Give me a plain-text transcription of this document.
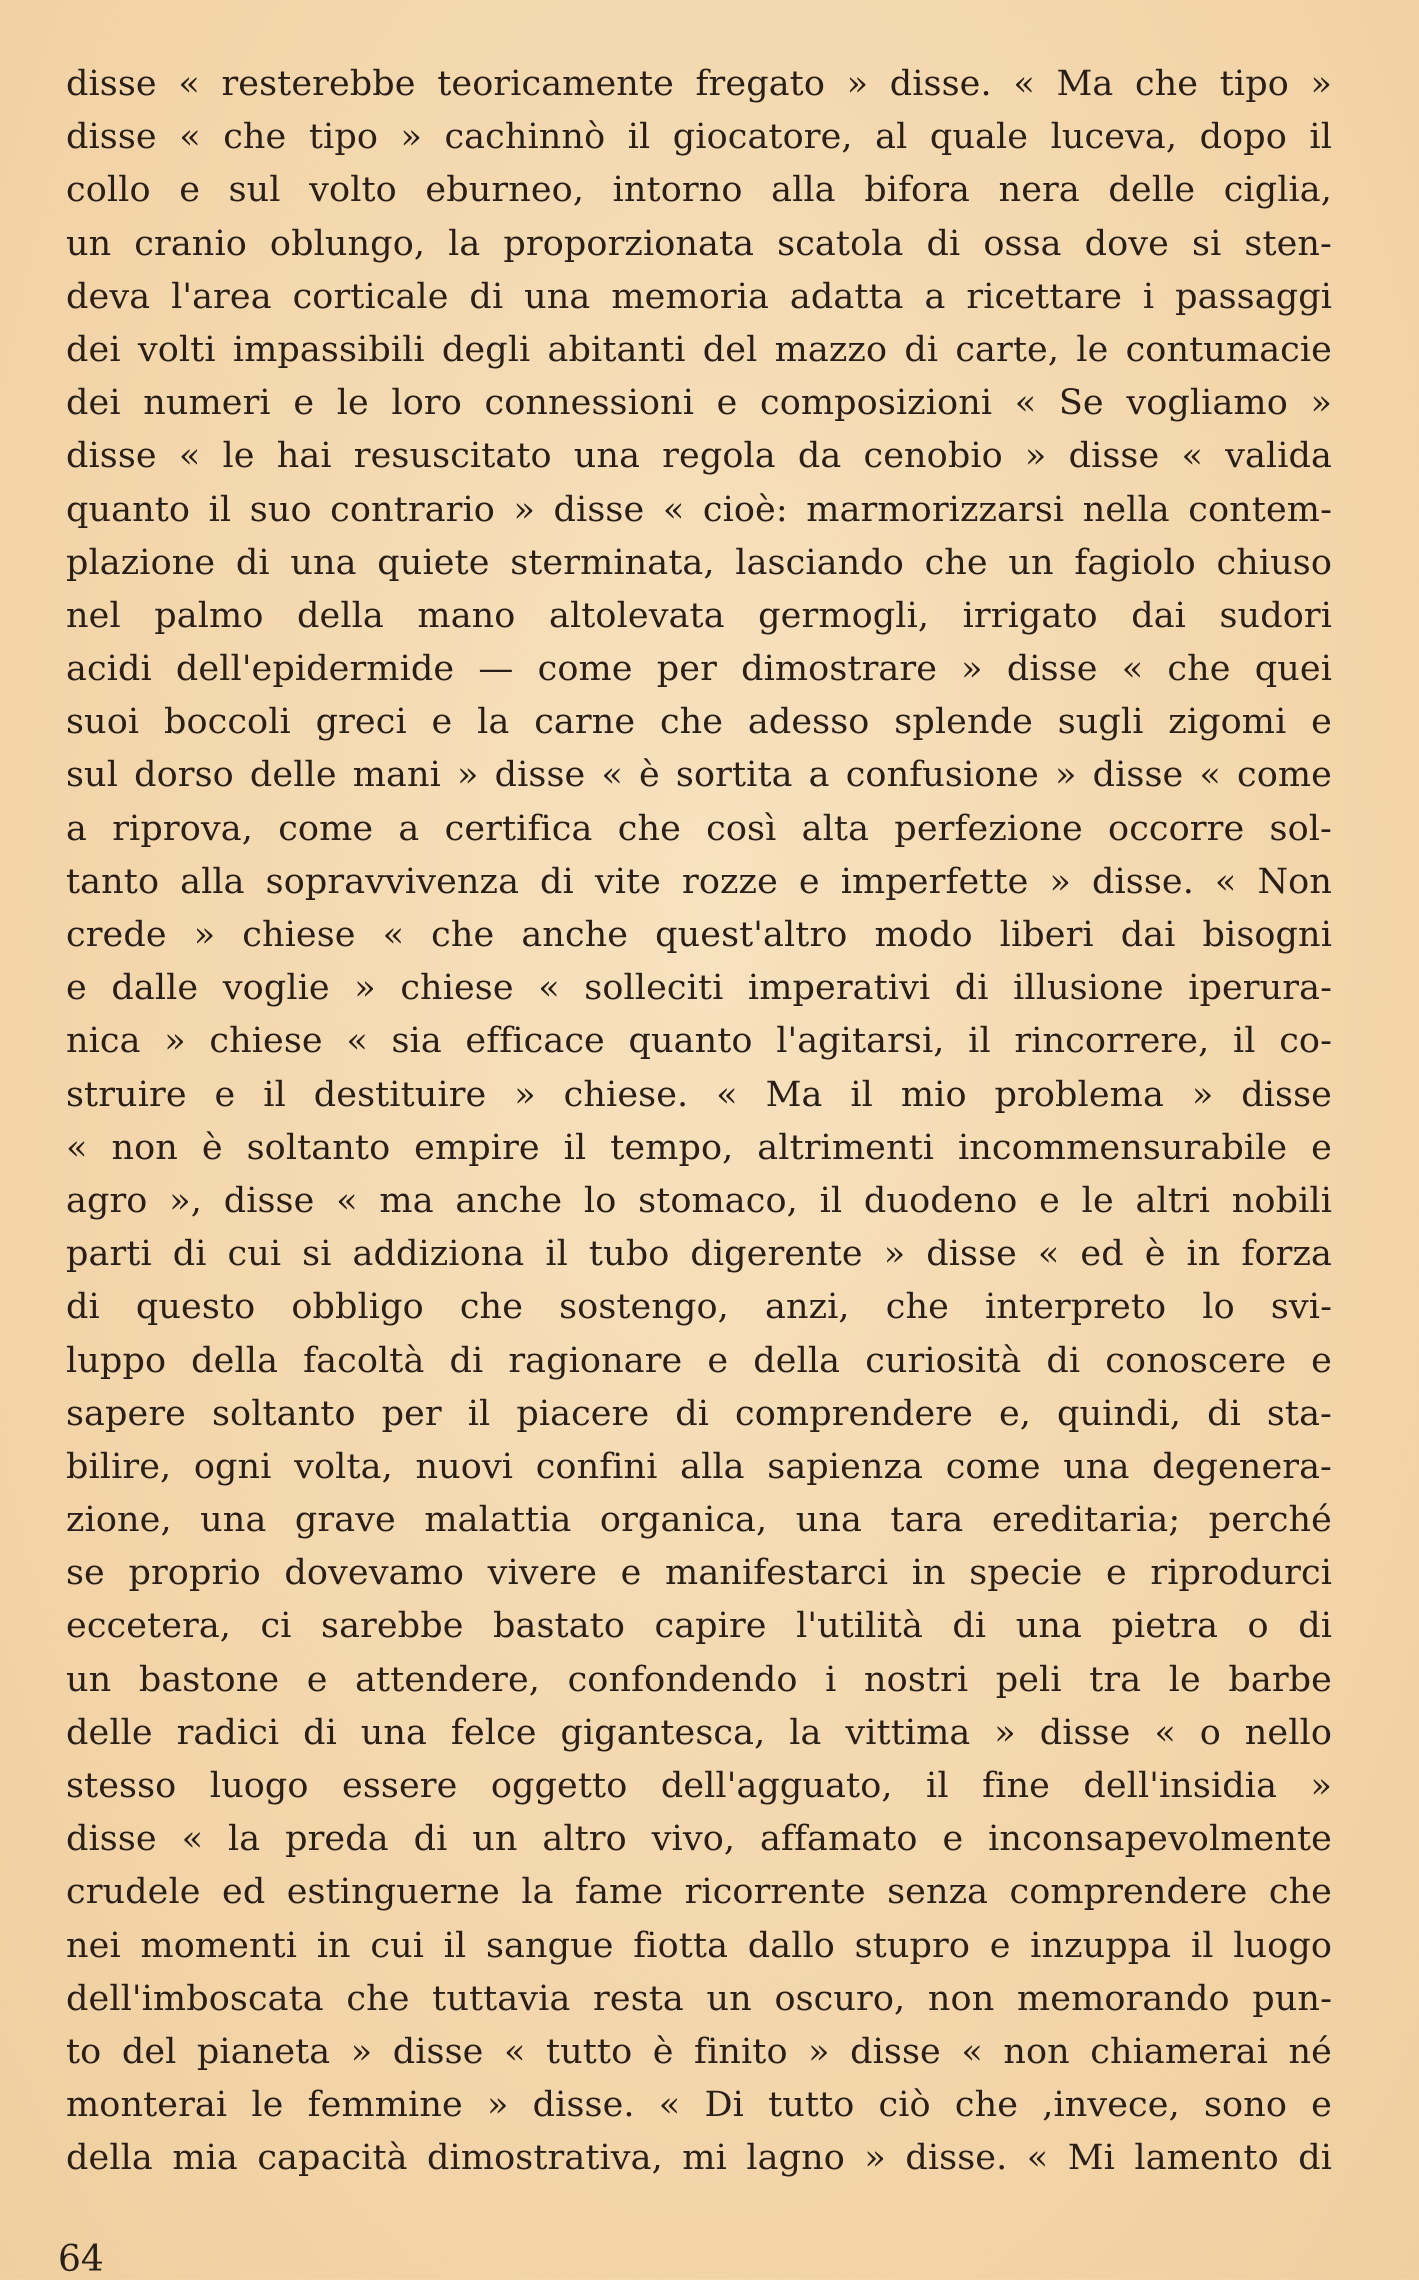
disse « resterebbe teoricamente fregato » disse. « Ma che tipo »
disse « che tipo » cachinnò il giocatore, al quale luceva, dopo il
collo e sul volto eburneo, intorno alla bifora nera delle ciglia,
un cranio oblungo, la proporzionata scatola di ossa dove si sten-
deva l'area corticale di una memoria adatta a ricettare i passaggi
dei volti impassibili degli abitanti del mazzo di carte, le contumacie
dei numeri e le loro connessioni e composizioni « Se vogliamo »
disse « le hai resuscitato una regola da cenobio » disse « valida
quanto il suo contrario » disse « cioè: marmorizzarsi nella contem-
plazione di una quiete sterminata, lasciando che un fagiolo chiuso
nel palmo della mano altolevata germogli, irrigato dai sudori
acidi dell'epidermide — come per dimostrare » disse « che quei
suoi boccoli greci e la carne che adesso splende sugli zigomi e
sul dorso delle mani » disse « è sortita a confusione » disse « come
a riprova, come a certifica che così alta perfezione occorre sol-
tanto alla sopravvivenza di vite rozze e imperfette » disse. « Non
crede » chiese « che anche quest'altro modo liberi dai bisogni
e dalle voglie » chiese « solleciti imperativi di illusione iperura-
nica » chiese « sia efficace quanto l'agitarsi, il rincorrere, il co-
struire e il destituire » chiese. « Ma il mio problema » disse
« non è soltanto empire il tempo, altrimenti incommensurabile e
agro », disse « ma anche lo stomaco, il duodeno e le altri nobili
parti di cui si addiziona il tubo digerente » disse « ed è in forza
di questo obbligo che sostengo, anzi, che interpreto lo svi-
luppo della facoltà di ragionare e della curiosità di conoscere e
sapere soltanto per il piacere di comprendere e, quindi, di sta-
bilire, ogni volta, nuovi confini alla sapienza come una degenera-
zione, una grave malattia organica, una tara ereditaria; perché
se proprio dovevamo vivere e manifestarci in specie e riprodurci
eccetera, ci sarebbe bastato capire l'utilità di una pietra o di
un bastone e attendere, confondendo i nostri peli tra le barbe
delle radici di una felce gigantesca, la vittima » disse « o nello
stesso luogo essere oggetto dell'agguato, il fine dell'insidia »
disse « la preda di un altro vivo, affamato e inconsapevolmente
crudele ed estinguerne la fame ricorrente senza comprendere che
nei momenti in cui il sangue fiotta dallo stupro e inzuppa il luogo
dell'imboscata che tuttavia resta un oscuro, non memorando pun-
to del pianeta » disse « tutto è finito » disse « non chiamerai né
monterai le femmine » disse. « Di tutto ciò che ,invece, sono e
della mia capacità dimostrativa, mi lagno » disse. « Mi lamento di
64
